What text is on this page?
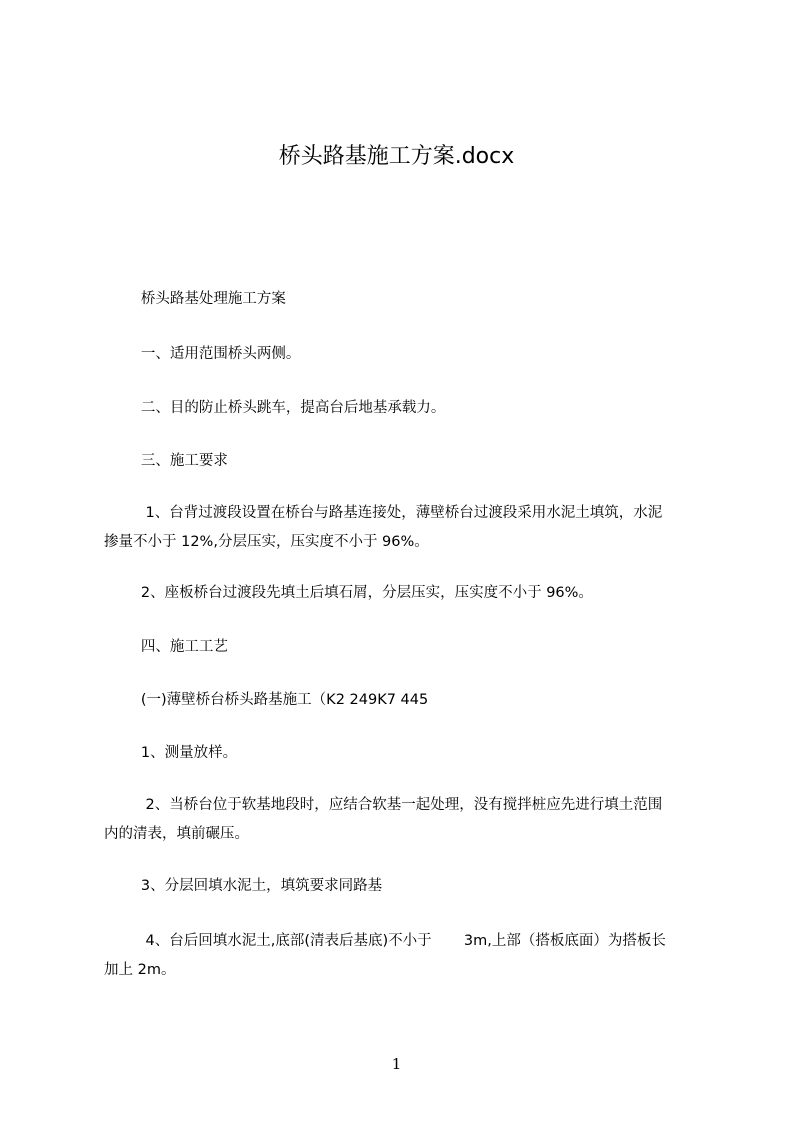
桥头路基施工方案.docx
桥头路基处理施工方案
一、适用范围桥头两侧。
二、目的防止桥头跳车，提高台后地基承载力。
三、施工要求
1、台背过渡段设置在桥台与路基连接处，薄壁桥台过渡段采用水泥土填筑，水泥
掺量不小于 12%,分层压实，压实度不小于 96%。
2、座板桥台过渡段先填土后填石屑，分层压实，压实度不小于 96%。
四、施工工艺
(一)薄壁桥台桥头路基施工（K2 249K7 445
1、测量放样。
2、当桥台位于软基地段时，应结合软基一起处理，没有搅拌桩应先进行填土范围
内的清表，填前碾压。
3、分层回填水泥土，填筑要求同路基
4、台后回填水泥土,底部(清表后基底)不小于       3m,上部（搭板底面）为搭板长
加上 2m。
1
